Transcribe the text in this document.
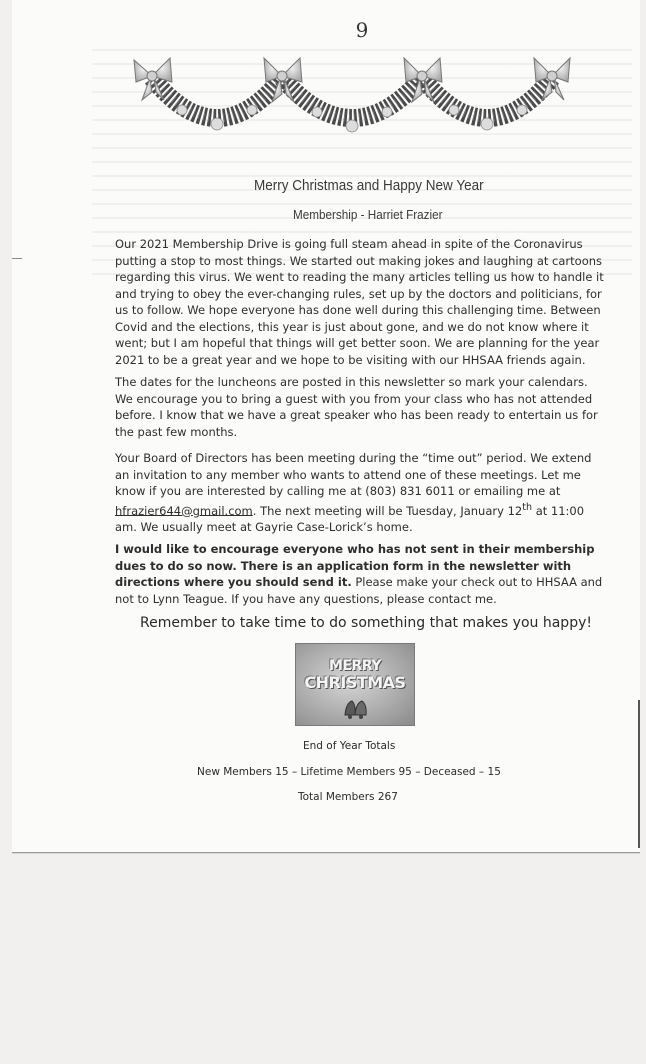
9
Merry Christmas and Happy New Year
Membership - Harriet Frazier

Our 2021 Membership Drive is going full steam ahead in spite of the Coronavirus putting a stop to most things. We started out making jokes and laughing at cartoons regarding this virus. We went to reading the many articles telling us how to handle it and trying to obey the ever-changing rules, set up by the doctors and politicians, for us to follow. We hope everyone has done well during this challenging time. Between Covid and the elections, this year is just about gone, and we do not know where it went; but I am hopeful that things will get better soon. We are planning for the year 2021 to be a great year and we hope to be visiting with our HHSAA friends again.

The dates for the luncheons are posted in this newsletter so mark your calendars. We encourage you to bring a guest with you from your class who has not attended before. I know that we have a great speaker who has been ready to entertain us for the past few months.

Your Board of Directors has been meeting during the “time out” period. We extend an invitation to any member who wants to attend one of these meetings. Let me know if you are interested by calling me at (803) 831 6011 or emailing me at hfrazier644@gmail.com. The next meeting will be Tuesday, January 12th at 11:00 am. We usually meet at Gayrie Case-Lorick’s home.

I would like to encourage everyone who has not sent in their membership dues to do so now. There is an application form in the newsletter with directions where you should send it. Please make your check out to HHSAA and not to Lynn Teague. If you have any questions, please contact me.

Remember to take time to do something that makes you happy!
MERRY
CHRISTMAS
End of Year Totals
New Members 15 – Lifetime Members 95 – Deceased – 15
Total Members 267
